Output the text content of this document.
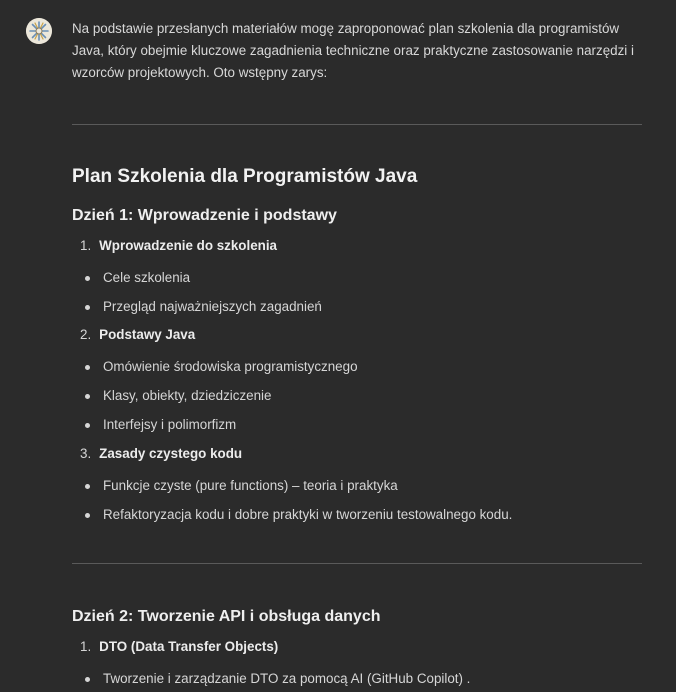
Na podstawie przesłanych materiałów mogę zaproponować plan szkolenia dla programistów Java, który obejmie kluczowe zagadnienia techniczne oraz praktyczne zastosowanie narzędzi i wzorców projektowych. Oto wstępny zarys:

Plan Szkolenia dla Programistów Java
Dzień 1: Wprowadzenie i podstawy
1. Wprowadzenie do szkolenia
Cele szkolenia
Przegląd najważniejszych zagadnień
2. Podstawy Java
Omówienie środowiska programistycznego
Klasy, obiekty, dziedziczenie
Interfejsy i polimorfizm
3. Zasady czystego kodu
Funkcje czyste (pure functions) – teoria i praktyka
Refaktoryzacja kodu i dobre praktyki w tworzeniu testowalnego kodu.
Dzień 2: Tworzenie API i obsługa danych
1. DTO (Data Transfer Objects)
Tworzenie i zarządzanie DTO za pomocą AI (GitHub Copilot) .
